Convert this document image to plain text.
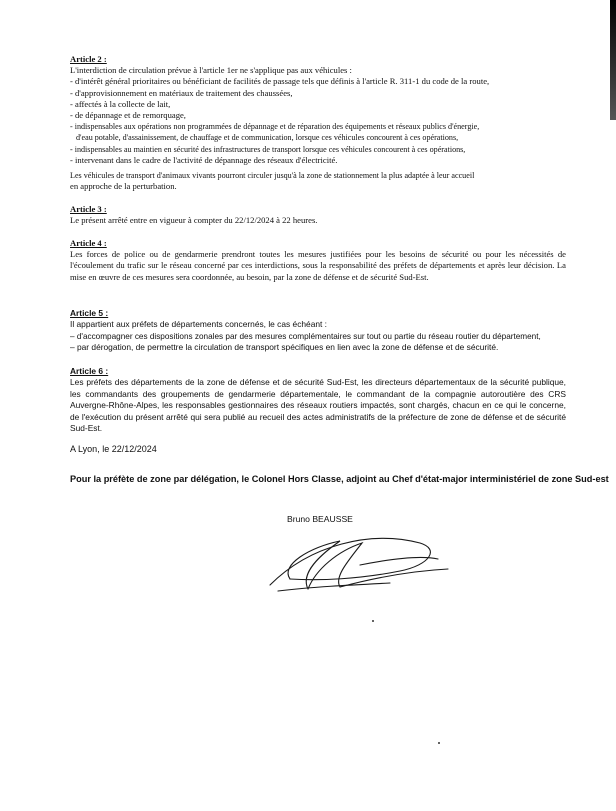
Article 2 :
L'interdiction de circulation prévue à l'article 1er ne s'applique pas aux véhicules :
- d'intérêt général prioritaires ou bénéficiant de facilités de passage tels que définis à l'article R. 311-1 du code de la route,
- d'approvisionnement en matériaux de traitement des chaussées,
- affectés à la collecte de lait,
- de dépannage et de remorquage,
- indispensables aux opérations non programmées de dépannage et de réparation des équipements et réseaux publics d'énergie,
d'eau potable, d'assainissement, de chauffage et de communication, lorsque ces véhicules concourent à ces opérations,
- indispensables au maintien en sécurité des infrastructures de transport lorsque ces véhicules concourent à ces opérations,
- intervenant dans le cadre de l'activité de dépannage des réseaux d'électricité.
Les véhicules de transport d'animaux vivants pourront circuler jusqu'à la zone de stationnement la plus adaptée à leur accueil
en approche de la perturbation.
Article 3 :

Le présent arrêté entre en vigueur à compter du 22/12/2024 à 22 heures.

Article 4 :

Les forces de police ou de gendarmerie prendront toutes les mesures justifiées pour les besoins de sécurité ou pour les nécessités de l'écoulement du trafic sur le réseau concerné par ces interdictions, sous la responsabilité des préfets de départements et après leur décision. La mise en œuvre de ces mesures sera coordonnée, au besoin, par la zone de défense et de sécurité Sud-Est.

Article 5 :
Il appartient aux préfets de départements concernés, le cas échéant :
– d'accompagner ces dispositions zonales par des mesures complémentaires sur tout ou partie du réseau routier du département,
– par dérogation, de permettre la circulation de transport spécifiques en lien avec la zone de défense et de sécurité.
Article 6 :

Les préfets des départements de la zone de défense et de sécurité Sud-Est, les directeurs départementaux de la sécurité publique, les commandants des groupements de gendarmerie départementale, le commandant de la compagnie autoroutière des CRS Auvergne-Rhône-Alpes, les responsables gestionnaires des réseaux routiers impactés, sont chargés, chacun en ce qui le concerne, de l'exécution du présent arrêté qui sera publié au recueil des actes administratifs de la préfecture de zone de défense et de sécurité Sud-Est.

A Lyon, le 22/12/2024
Pour la préfète de zone par délégation, le Colonel Hors Classe, adjoint au Chef d'état-major interministériel de zone Sud-est
Bruno BEAUSSE
